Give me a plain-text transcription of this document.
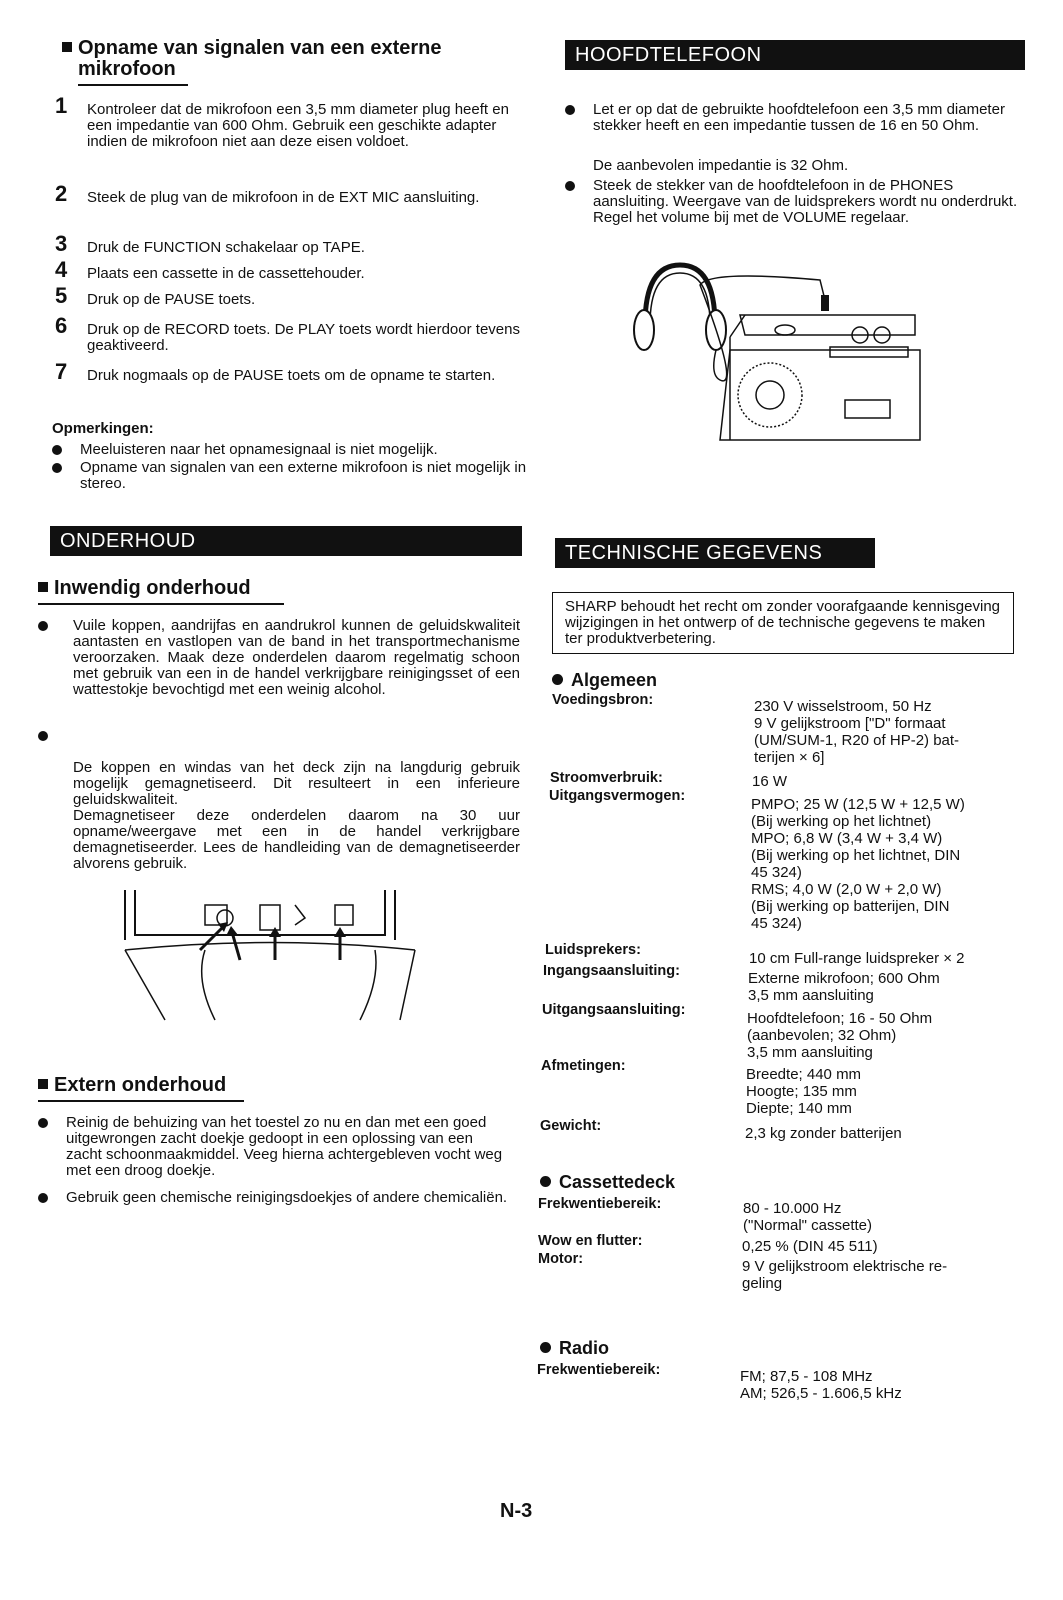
Opname van signalen van een externe
mikrofoon
1 Kontroleer dat de mikrofoon een 3,5 mm diameter plug heeft en een impedantie van 600 Ohm. Gebruik een geschikte adapter indien de mikrofoon niet aan deze eisen voldoet.
2 Steek de plug van de mikrofoon in de EXT MIC aansluiting.
3 Druk de FUNCTION schakelaar op TAPE.
4 Plaats een cassette in de cassettehouder.
5 Druk op de PAUSE toets.
6 Druk op de RECORD toets. De PLAY toets wordt hierdoor tevens geaktiveerd.
7 Druk nogmaals op de PAUSE toets om de opname te starten.
Opmerkingen:
Meeluisteren naar het opnamesignaal is niet mogelijk.
Opname van signalen van een externe mikrofoon is niet mogelijk in stereo.
ONDERHOUD
Inwendig onderhoud
Vuile koppen, aandrijfas en aandrukrol kunnen de geluidskwaliteit aantasten en vastlopen van de band in het transportmechanisme veroorzaken. Maak deze onderdelen daarom regelmatig schoon met gebruik van een in de handel verkrijgbare reinigingsset of een wattestokje bevochtigd met een weinig alcohol.

De koppen en windas van het deck zijn na langdurig gebruik mogelijk gemagnetiseerd. Dit resulteert in een inferieure geluidskwaliteit.
Demagnetiseer deze onderdelen daarom na 30 uur opname/weergave met een in de handel verkrijgbare demagnetiseerder. Lees de handleiding van de demagnetiseerder alvorens gebruik.

Extern onderhoud
Reinig de behuizing van het toestel zo nu en dan met een goed uitgewrongen zacht doekje gedoopt in een oplossing van een zacht schoonmaakmiddel. Veeg hierna achtergebleven vocht weg met een droog doekje.
Gebruik geen chemische reinigingsdoekjes of andere chemicaliën.
HOOFDTELEFOON
Let er op dat de gebruikte hoofdtelefoon een 3,5 mm diameter stekker heeft en een impedantie tussen de 16 en 50 Ohm.
De aanbevolen impedantie is 32 Ohm.
Steek de stekker van de hoofdtelefoon in de PHONES aansluiting. Weergave van de luidsprekers wordt nu onderdrukt. Regel het volume bij met de VOLUME regelaar.
TECHNISCHE GEGEVENS
SHARP behoudt het recht om zonder voorafgaande kennisgeving wijzigingen in het ontwerp of de technische gegevens te maken ter produktverbetering.
Algemeen
Voedingsbron:	230 V wisselstroom, 50 Hz
9 V gelijkstroom ["D" formaat
(UM/SUM-1, R20 of HP-2) bat-
terijen × 6]
Stroomverbruik:	16 W
Uitgangsvermogen:	PMPO; 25 W (12,5 W + 12,5 W)
(Bij werking op het lichtnet)
MPO; 6,8 W (3,4 W + 3,4 W)
(Bij werking op het lichtnet, DIN
45 324)
RMS; 4,0 W (2,0 W + 2,0 W)
(Bij werking op batterijen, DIN
45 324)
Luidsprekers:	10 cm Full-range luidspreker × 2
Ingangsaansluiting:	Externe mikrofoon; 600 Ohm
3,5 mm aansluiting
Uitgangsaansluiting:	Hoofdtelefoon; 16 - 50 Ohm
(aanbevolen; 32 Ohm)
3,5 mm aansluiting
Afmetingen:	Breedte; 440 mm
Hoogte; 135 mm
Diepte; 140 mm
Gewicht:	2,3 kg zonder batterijen
Cassettedeck
Frekwentiebereik:	80 - 10.000 Hz
("Normal" cassette)
Wow en flutter:	0,25 % (DIN 45 511)
Motor:	9 V gelijkstroom elektrische re-
geling
Radio
Frekwentiebereik:	FM; 87,5 - 108 MHz
AM; 526,5 - 1.606,5 kHz
N-3
